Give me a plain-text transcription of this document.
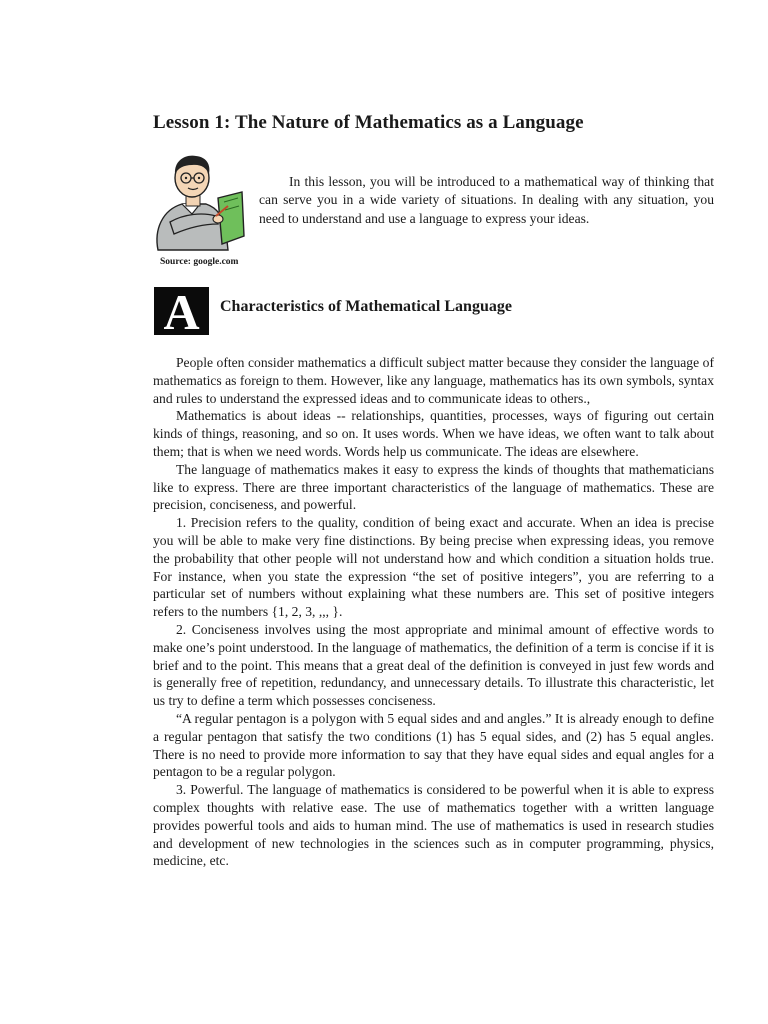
Lesson 1: The Nature of Mathematics as a Language

Source: google.com

In this lesson, you will be introduced to a mathematical way of thinking that can serve you in a wide variety of situations. In dealing with any situation, you need to understand and use a language to express your ideas.

A Characteristics of Mathematical Language

People often consider mathematics a difficult subject matter because they consider the language of mathematics as foreign to them. However, like any language, mathematics has its own symbols, syntax and rules to understand the expressed ideas and to communicate ideas to others.,

Mathematics is about ideas -- relationships, quantities, processes, ways of figuring out certain kinds of things, reasoning, and so on. It uses words. When we have ideas, we often want to talk about them; that is when we need words. Words help us communicate. The ideas are elsewhere.

The language of mathematics makes it easy to express the kinds of thoughts that mathematicians like to express. There are three important characteristics of the language of mathematics. These are precision, conciseness, and powerful.

1. Precision refers to the quality, condition of being exact and accurate. When an idea is precise you will be able to make very fine distinctions. By being precise when expressing ideas, you remove the probability that other people will not understand how and which condition a situation holds true. For instance, when you state the expression “the set of positive integers”, you are referring to a particular set of numbers without explaining what these numbers are. This set of positive integers refers to the numbers {1, 2, 3, ,,, }.

2. Conciseness involves using the most appropriate and minimal amount of effective words to make one’s point understood. In the language of mathematics, the definition of a term is concise if it is brief and to the point. This means that a great deal of the definition is conveyed in just few words and is generally free of repetition, redundancy, and unnecessary details. To illustrate this characteristic, let us try to define a term which possesses conciseness.

“A regular pentagon is a polygon with 5 equal sides and and angles.” It is already enough to define a regular pentagon that satisfy the two conditions (1) has 5 equal sides, and (2) has 5 equal angles. There is no need to provide more information to say that they have equal sides and equal angles for a pentagon to be a regular polygon.

3. Powerful. The language of mathematics is considered to be powerful when it is able to express complex thoughts with relative ease. The use of mathematics together with a written language provides powerful tools and aids to human mind. The use of mathematics is used in research studies and development of new technologies in the sciences such as in computer programming, physics, medicine, etc.
